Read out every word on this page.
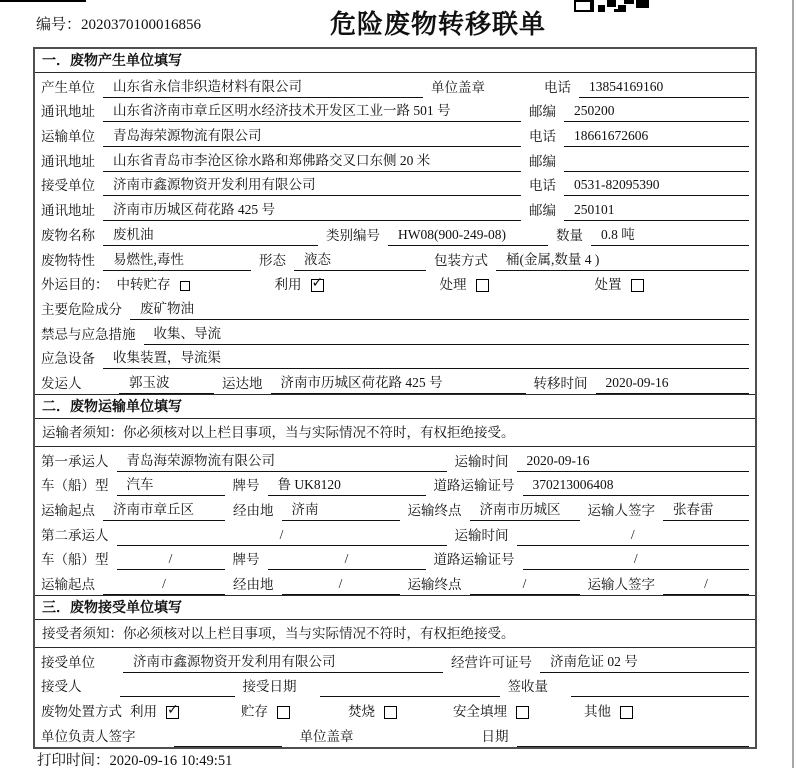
编号：2020370100016856	危险废物转移联单
一．废物产生单位填写
产生单位	山东省永信非织造材料有限公司	单位盖章	电话	13854169160
通讯地址	山东省济南市章丘区明水经济技术开发区工业一路 501 号	邮编	250200
运输单位	青岛海荣源物流有限公司	电话	18661672606
通讯地址	山东省青岛市李沧区徐水路和郑佛路交叉口东侧 20 米	邮编
接受单位	济南市鑫源物资开发利用有限公司	电话	0531-82095390
通讯地址	济南市历城区荷花路 425 号	邮编	250101
废物名称	废机油	类别编号	HW08(900-249-08)	数量	0.8 吨
废物特性	易燃性,毒性	形态	液态	包装方式	桶(金属,数量 4 )
外运目的： 中转贮存	利用 ✓	处理	处置
主要危险成分	废矿物油
禁忌与应急措施	收集、导流
应急设备	收集装置，导流渠
发运人	郭玉波	运达地	济南市历城区荷花路 425 号	转移时间	2020-09-16
二．废物运输单位填写
运输者须知：你必须核对以上栏目事项，当与实际情况不符时，有权拒绝接受。
第一承运人	青岛海荣源物流有限公司	运输时间	2020-09-16
车（船）型	汽车	牌号	鲁 UK8120	道路运输证号	370213006408
运输起点	济南市章丘区	经由地	济南	运输终点	济南市历城区	运输人签字	张春雷
第二承运人	/	运输时间	/
车（船）型	/	牌号	/	道路运输证号	/
运输起点	/	经由地	/	运输终点	/	运输人签字	/
三．废物接受单位填写
接受者须知：你必须核对以上栏目事项，当与实际情况不符时，有权拒绝接受。
接受单位	济南市鑫源物资开发利用有限公司	经营许可证号	济南危证 02 号
接受人	接受日期	签收量
废物处置方式 利用 ✓	贮存	焚烧	安全填埋	其他
单位负责人签字	单位盖章	日期
打印时间：2020-09-16 10:49:51
